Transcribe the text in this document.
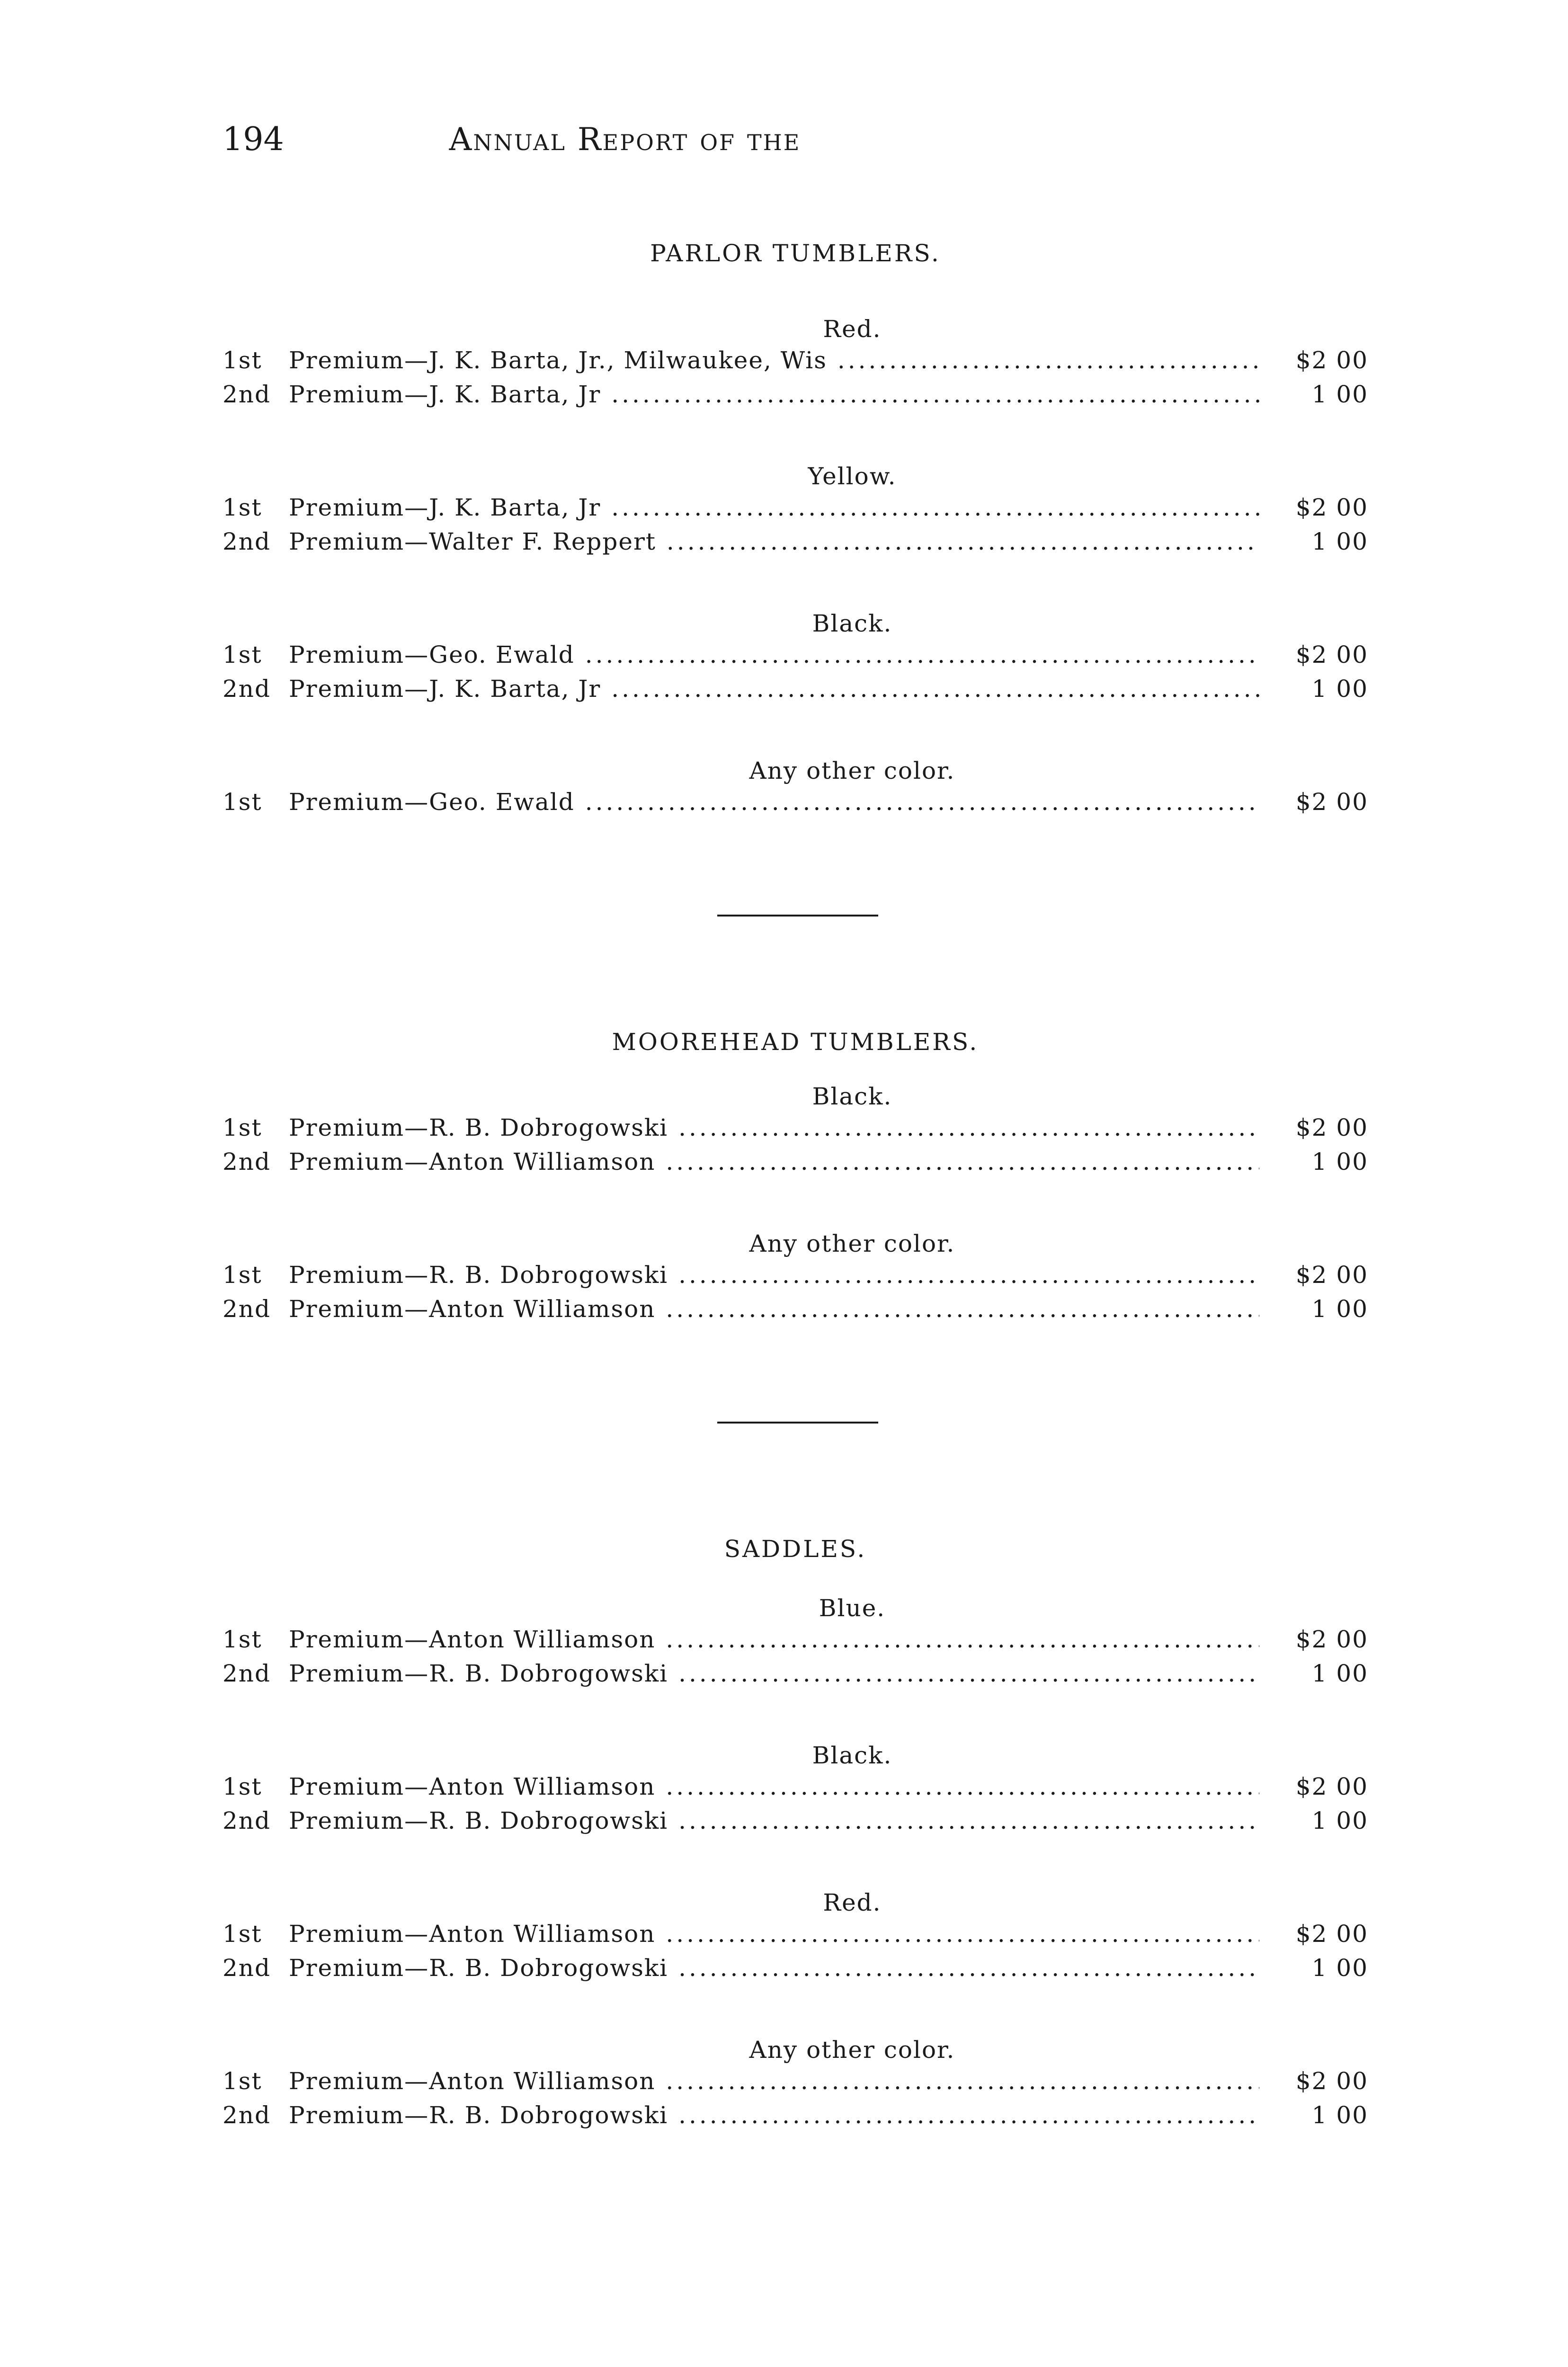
194	Annual Report of the
PARLOR TUMBLERS.
Red.
1st	Premium—J. K. Barta, Jr., Milwaukee, Wis .....	$2 00
2nd Premium—J. K. Barta, Jr .....	1 00
Yellow.
1st	Premium—J. K. Barta, Jr .....	$2 00
2nd Premium—Walter F. Reppert .....	1 00
Black.
1st	Premium—Geo. Ewald .....	$2 00
2nd Premium—J. K. Barta, Jr .....	1 00
Any other color.
1st	Premium—Geo. Ewald .....	$2 00
MOOREHEAD TUMBLERS.
Black.
1st	Premium—R. B. Dobrogowski .....	$2 00
2nd Premium—Anton Williamson .....	1 00
Any other color.
1st	Premium—R. B. Dobrogowski .....	$2 00
2nd Premium—Anton Williamson .....	1 00
SADDLES.
Blue.
1st	Premium—Anton Williamson .....	$2 00
2nd Premium—R. B. Dobrogowski .....	1 00
Black.
1st	Premium—Anton Williamson .....	$2 00
2nd Premium—R. B. Dobrogowski .....	1 00
Red.
1st	Premium—Anton Williamson .....	$2 00
2nd Premium—R. B. Dobrogowski .....	1 00
Any other color.
1st	Premium—Anton Williamson .....	$2 00
2nd Premium—R. B. Dobrogowski .....	1 00
